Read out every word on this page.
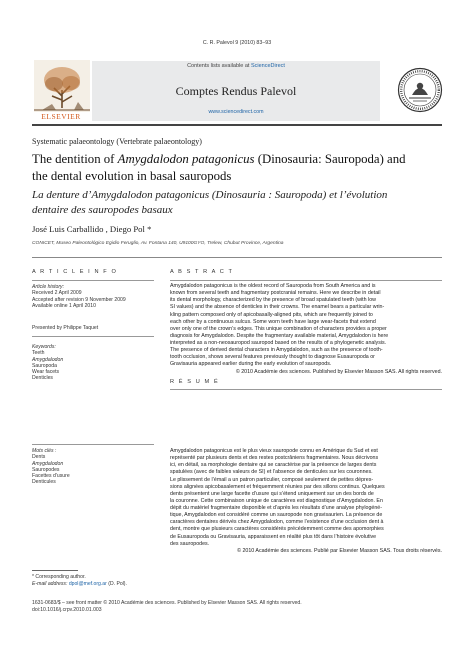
C. R. Palevol 9 (2010) 83–93
ELSEVIER
Contents lists available at ScienceDirect
Comptes Rendus Palevol
www.sciencedirect.com
Systematic palaeontology (Vertebrate palaeontology)
The dentition of Amygdalodon patagonicus (Dinosauria: Sauropoda) and
the dental evolution in basal sauropods
La denture d’Amygdalodon patagonicus (Dinosauria : Sauropoda) et l’évolution
dentaire des sauropodes basaux
José Luis Carballido , Diego Pol *
CONICET, Museo Paleontológico Egidio Feruglio, Av. Fontana 140, U9100GYO, Trelew, Chubut Province, Argentina
A R T I C L E I N F O
Article history:
Received 2 April 2009
Accepted after revision 9 November 2009
Available online 1 April 2010
Presented by Philippe Taquet
Keywords:
Teeth
Amygdalodon
Sauropoda
Wear facets
Denticles
Mots clés :
Dents
Amygdalodon
Sauropodes
Facettes d’usure
Denticules
A B S T R A C T
Amygdalodon patagonicus is the oldest record of Sauropoda from South America and is
known from several teeth and fragmentary postcranial remains. Here we describe in detail
its dental morphology, characterized by the presence of broad spatulated teeth (with low
SI values) and the absence of denticles in their crowns. The enamel bears a particular wrin-
kling pattern composed only of apicobasally-aligned pits, which are frequently joined to
each other by a continuous sulcus. Some worn teeth have large wear-facets that extend
over only one of the crown’s edges. This unique combination of characters provides a proper
diagnosis for Amygdalodon. Despite the fragmentary available material, Amygdalodon is here
interpreted as a non-neosauropod sauropod based on the results of a phylogenetic analysis.
The presence of derived dental characters in Amygdalodon, such as the presence of tooth-
tooth occlusion, shows several features previously thought to diagnose Eusauropoda or
Gravisauria appeared earlier during the early evolution of sauropods.
© 2010 Académie des sciences. Published by Elsevier Masson SAS. All rights reserved.
R É S U M É
Amygdalodon patagonicus est le plus vieux sauropode connu en Amérique du Sud et est
représenté par plusieurs dents et des restes postcrâniens fragmentaires. Nous décrivons
ici, en détail, sa morphologie dentaire qui se caractérise par la présence de larges dents
spatulées (avec de faibles valeurs de SI) et l’absence de denticules sur les couronnes.
Le plissement de l’émail a un patron particulier, composé seulement de petites dépres-
sions alignées apicobasalement et fréquemment réunies par des sillons continus. Quelques
dents présentent une large facette d’usure qui s’étend uniquement sur un des bords de
la couronne. Cette combinaison unique de caractères est diagnostique d’Amygdalodon. En
dépit du matériel fragmentaire disponible et d’après les résultats d’une analyse phylogéné-
tique, Amygdalodon est considéré comme un sauropode non gravisaurien. La présence de
caractères dentaires dérivés chez Amygdalodon, comme l’existence d’une occlusion dent à
dent, montre que plusieurs caractères considérés précédemment comme des apomorphies
de Eusauropoda ou Gravisauria, apparaissent en réalité plus tôt dans l’histoire évolutive
des sauropodes.
© 2010 Académie des sciences. Publié par Elsevier Masson SAS. Tous droits réservés.
* Corresponding author.
E-mail address: dpol@mef.org.ar (D. Pol).
1631-0683/$ – see front matter © 2010 Académie des sciences. Published by Elsevier Masson SAS. All rights reserved.
doi:10.1016/j.crpv.2010.01.003
